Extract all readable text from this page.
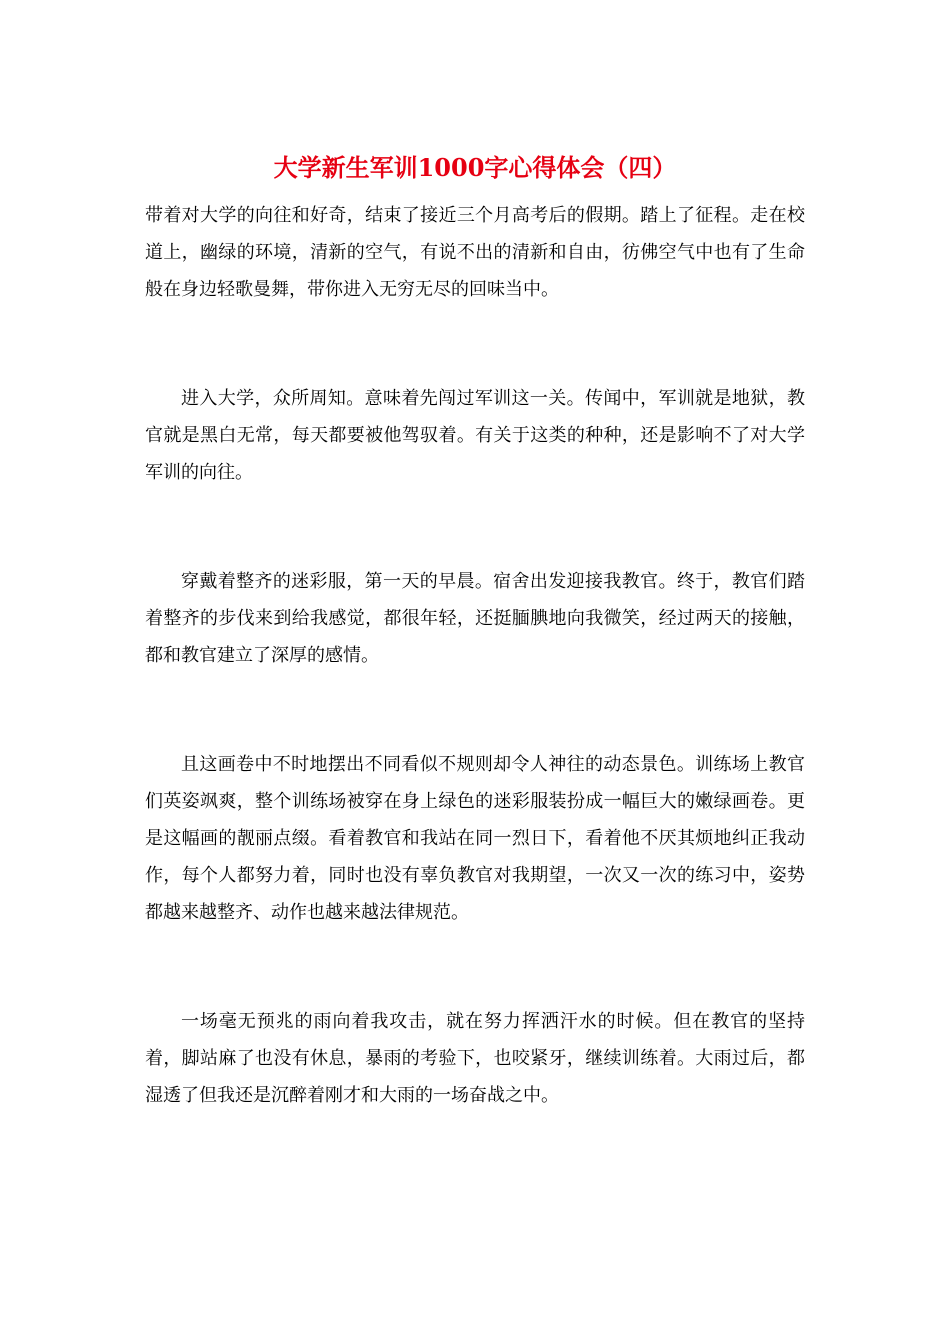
大学新生军训1000字心得体会（四）

带着对大学的向往和好奇，结束了接近三个月高考后的假期。踏上了征程。走在校道上，幽绿的环境，清新的空气，有说不出的清新和自由，彷佛空气中也有了生命般在身边轻歌曼舞，带你进入无穷无尽的回味当中。

进入大学，众所周知。意味着先闯过军训这一关。传闻中，军训就是地狱，教官就是黑白无常，每天都要被他驾驭着。有关于这类的种种，还是影响不了对大学军训的向往。

穿戴着整齐的迷彩服，第一天的早晨。宿舍出发迎接我教官。终于，教官们踏着整齐的步伐来到给我感觉，都很年轻，还挺腼腆地向我微笑，经过两天的接触，都和教官建立了深厚的感情。

且这画卷中不时地摆出不同看似不规则却令人神往的动态景色。训练场上教官们英姿飒爽，整个训练场被穿在身上绿色的迷彩服装扮成一幅巨大的嫩绿画卷。更是这幅画的靓丽点缀。看着教官和我站在同一烈日下，看着他不厌其烦地纠正我动作，每个人都努力着，同时也没有辜负教官对我期望，一次又一次的练习中，姿势都越来越整齐、动作也越来越法律规范。

一场毫无预兆的雨向着我攻击，就在努力挥洒汗水的时候。但在教官的坚持着，脚站麻了也没有休息，暴雨的考验下，也咬紧牙，继续训练着。大雨过后，都湿透了但我还是沉醉着刚才和大雨的一场奋战之中。
